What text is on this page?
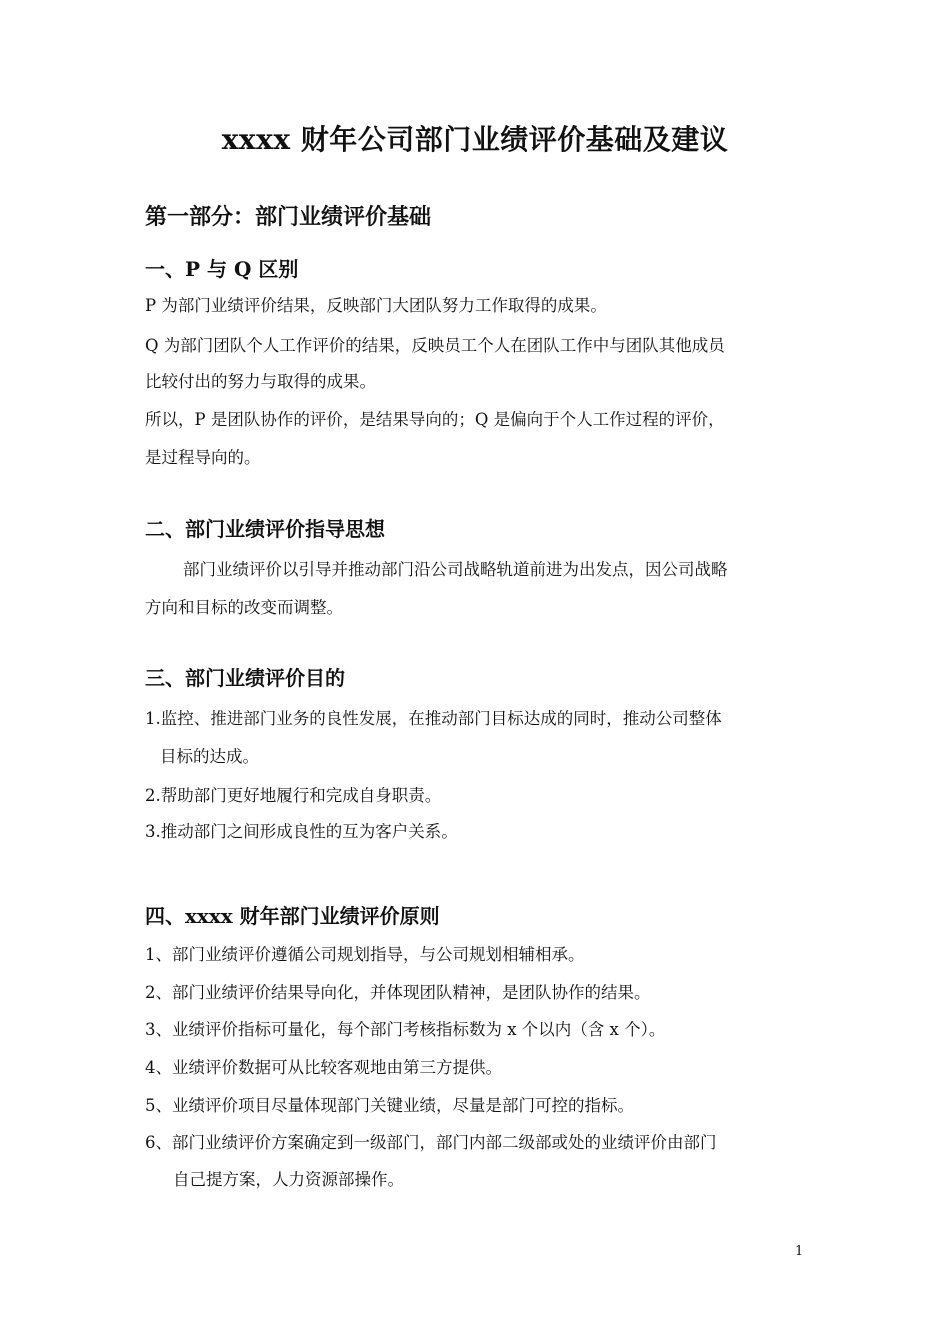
xxxx 财年公司部门业绩评价基础及建议
第一部分：部门业绩评价基础
一、P 与 Q 区别
P 为部门业绩评价结果，反映部门大团队努力工作取得的成果。
Q 为部门团队个人工作评价的结果，反映员工个人在团队工作中与团队其他成员
比较付出的努力与取得的成果。
所以，P 是团队协作的评价，是结果导向的；Q 是偏向于个人工作过程的评价，
是过程导向的。
二、部门业绩评价指导思想
部门业绩评价以引导并推动部门沿公司战略轨道前进为出发点，因公司战略
方向和目标的改变而调整。
三、部门业绩评价目的
1.监控、推进部门业务的良性发展，在推动部门目标达成的同时，推动公司整体
目标的达成。
2.帮助部门更好地履行和完成自身职责。
3.推动部门之间形成良性的互为客户关系。
四、xxxx 财年部门业绩评价原则
1、部门业绩评价遵循公司规划指导，与公司规划相辅相承。
2、部门业绩评价结果导向化，并体现团队精神，是团队协作的结果。
3、业绩评价指标可量化，每个部门考核指标数为 x 个以内（含 x 个）。
4、业绩评价数据可从比较客观地由第三方提供。
5、业绩评价项目尽量体现部门关键业绩，尽量是部门可控的指标。
6、部门业绩评价方案确定到一级部门，部门内部二级部或处的业绩评价由部门
自己提方案，人力资源部操作。
1
